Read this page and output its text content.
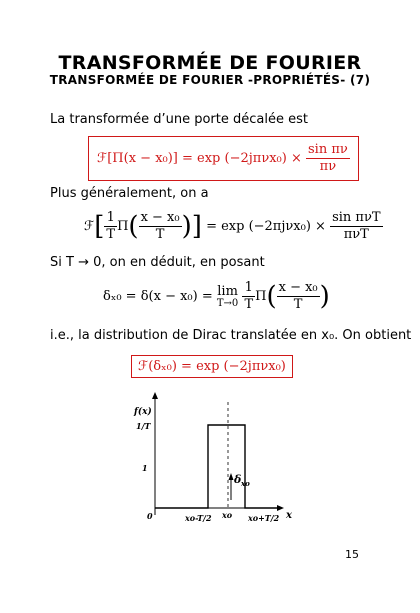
TRANSFORMÉE DE FOURIER
TRANSFORMÉE DE FOURIER -PROPRIÉTÉS- (7)
La transformée d’une porte décalée est
ℱ[Π(x − $x_0)] = \exp (-2j\pi\nu x_0) \times \frac{\text{sin πν}}{\pi\nu}$
Plus généralement, on a
ℱ[ $\frac{1}{T} \Pi( \frac{\text{x − x₀}}{T}$ )] = $\exp (-2\pi j\nu x_0) \times \frac{\text{sin πνT}}{\text{πνT}}$
Si T → 0, on en déduit, en posant
δₓ₀ = δ(x − x₀) = lim
T→0
$\frac{1}{T} \Pi( \frac{\text{x − x₀}}{T}$ )
i.e., la distribution de Dirac translatée en x₀. On obtient
ℱ(δₓ₀) = exp (−2jπνx₀)
f(x)
1/T
1
0	xo-T/2 xo xo+T/2 x
δ xo
15
